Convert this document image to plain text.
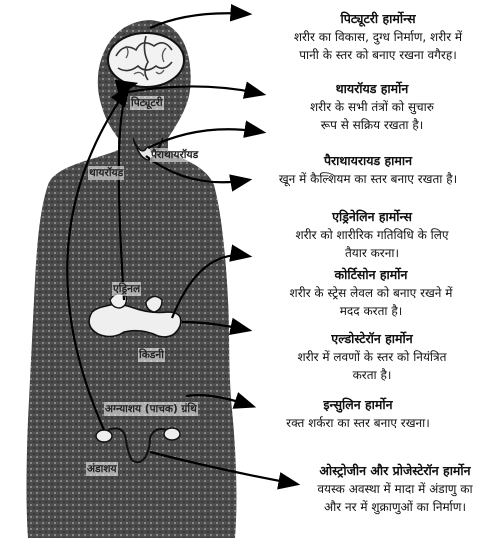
पिट्यूटरी
पैराथायरॉयड
थायरॉयड
एड्रिनल
किडनी
अग्न्याशय (पाचक) ग्रंथि
अंडाशय
पिट्यूटरी हार्मोन्स
शरीर का विकास, दुग्ध निर्माण, शरीर में
पानी के स्तर को बनाए रखना वगैरह।
थायरॉयड हार्मोन
शरीर के सभी तंत्रों को सुचारु
रूप से सक्रिय रखता है।
पैराथायरायड हामान
खून में कैल्शियम का स्तर बनाए रखता है।
एड्रिनेलिन हार्मोन्स
शरीर को शारीरिक गतिविधि के लिए
तैयार करना।
कोर्टिसोन हार्मोन
शरीर के स्ट्रेस लेवल को बनाए रखने में
मदद करता है।
एल्डोस्टेरॉन हार्मोन
शरीर में लवणों के स्तर को नियंत्रित
करता है।
इन्सुलिन हार्मोन
रक्त शर्करा का स्तर बनाए रखना।
ओस्ट्रोजीन और प्रोजेस्टेरॉन हार्मोन
वयस्क अवस्था में मादा में अंडाणु का
और नर में शुक्राणुओं का निर्माण।
